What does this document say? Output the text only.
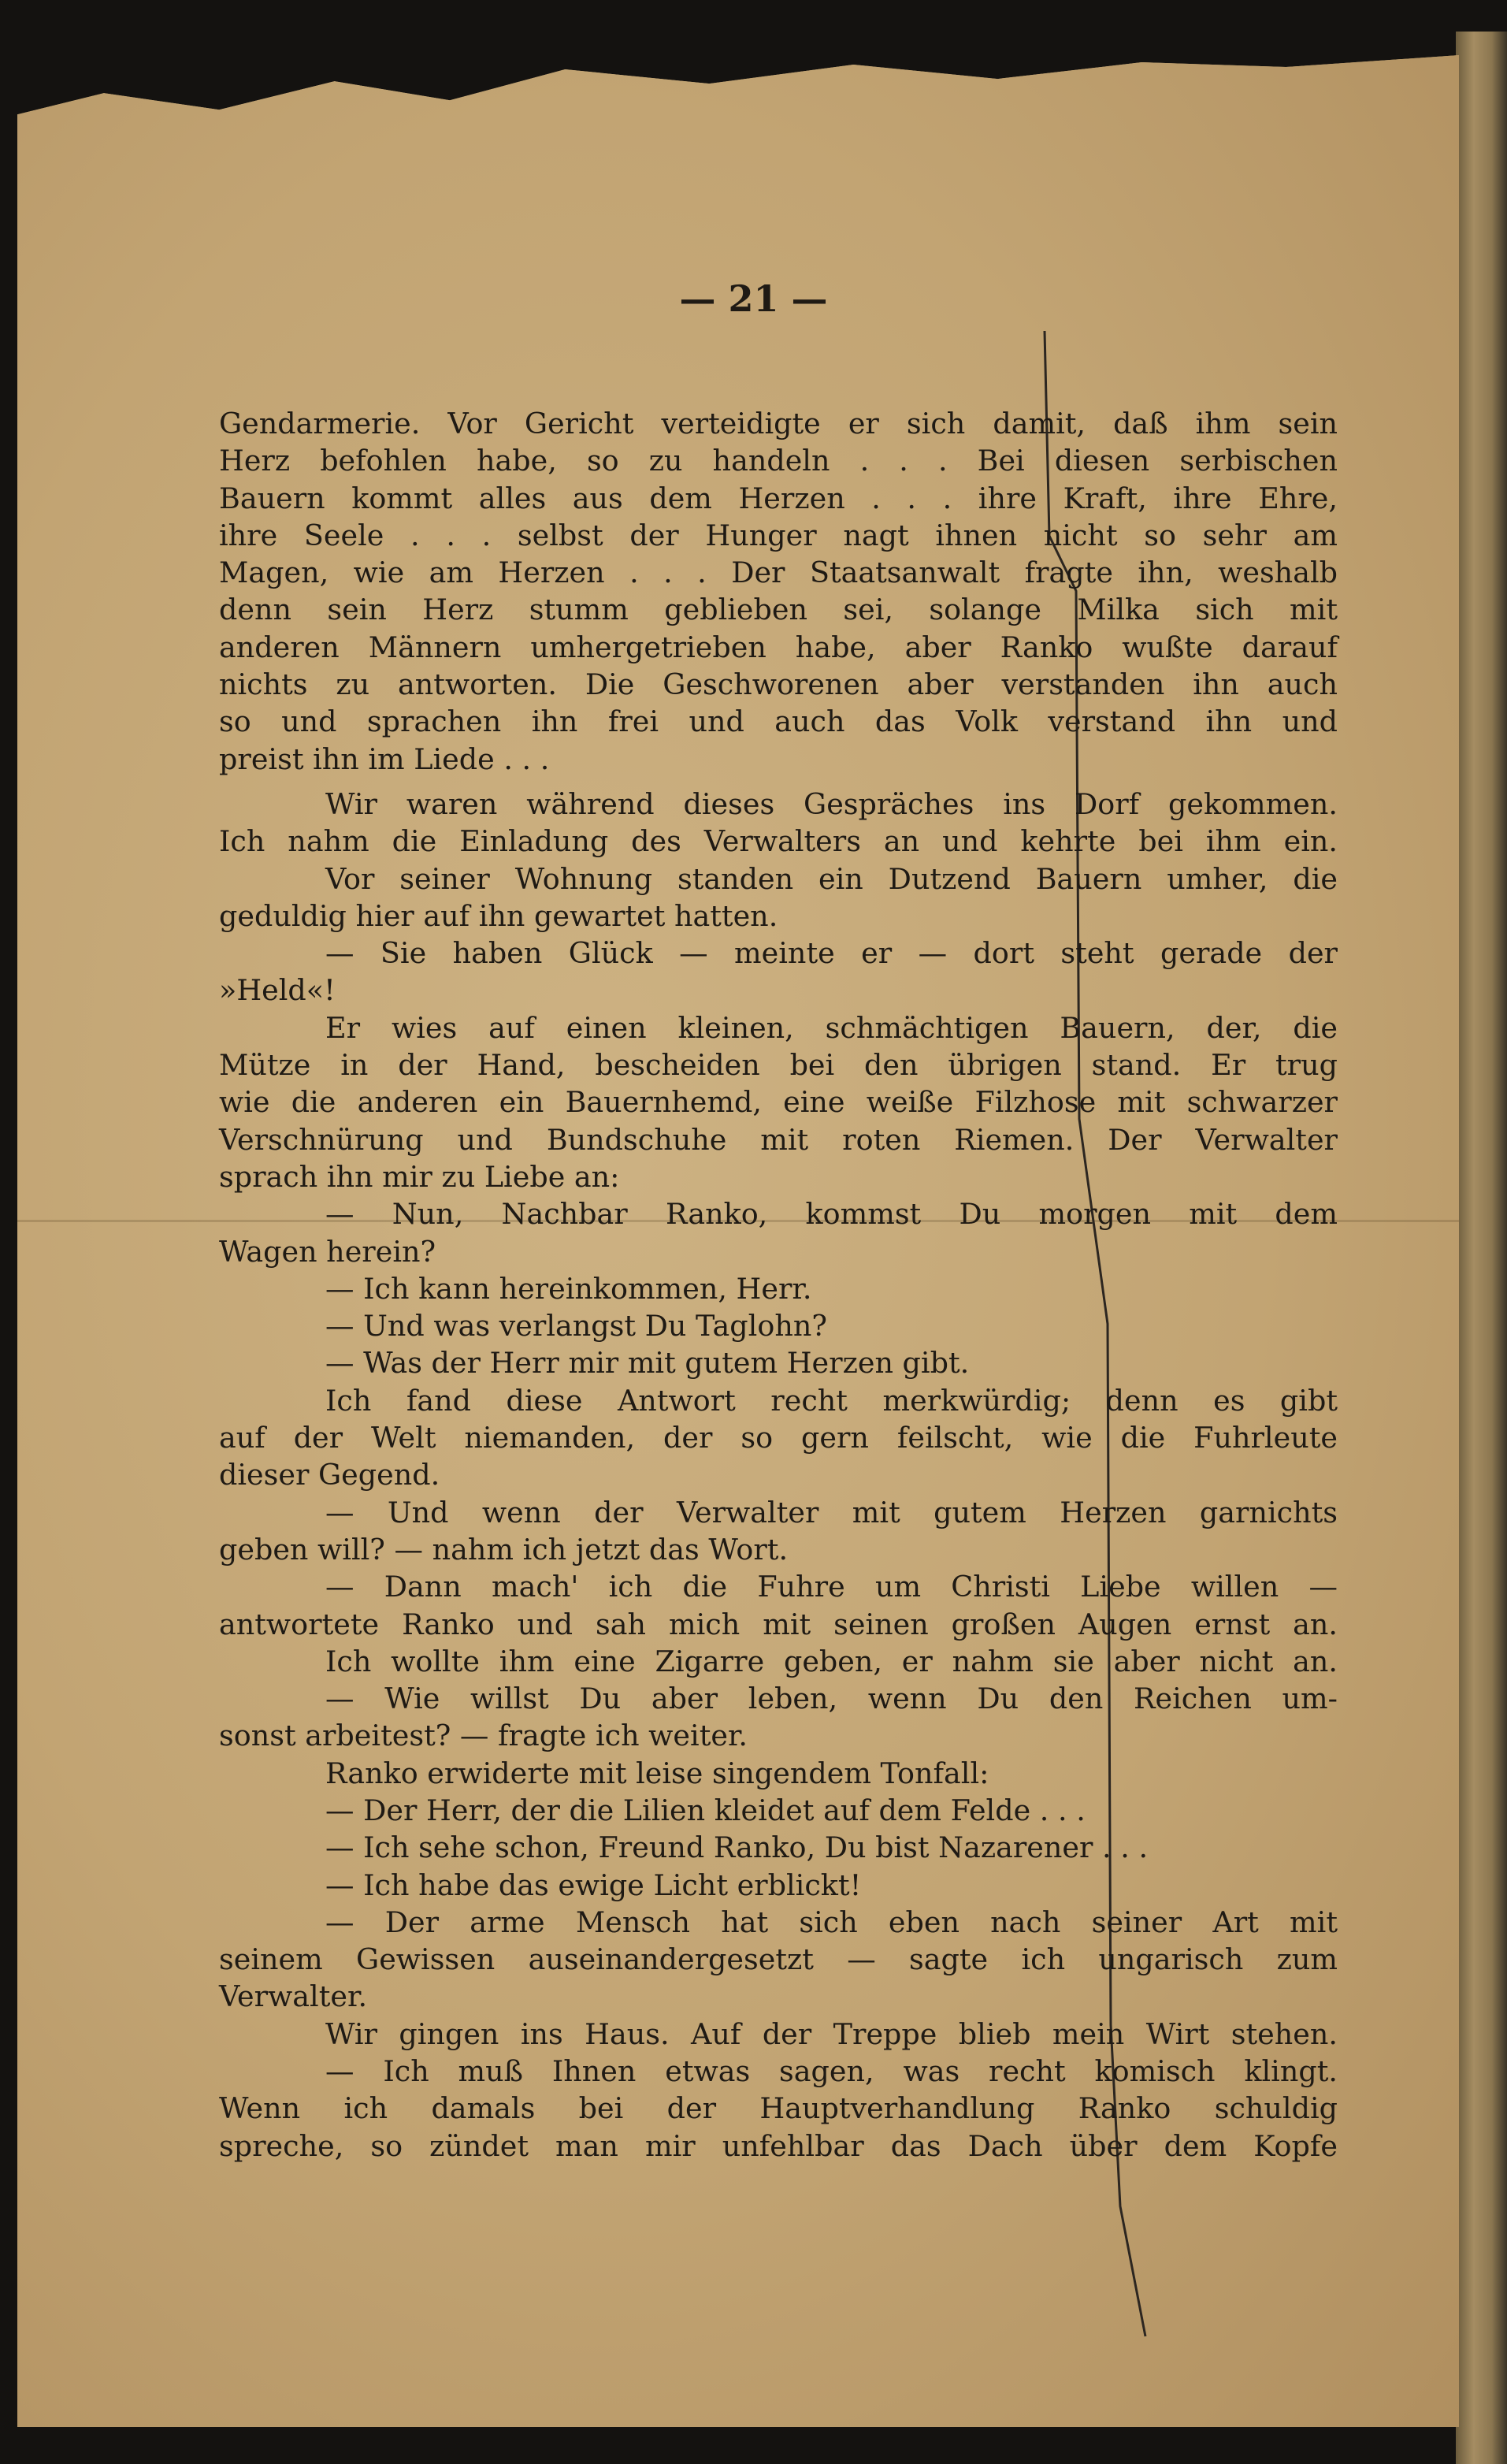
— 21 —

Gendarmerie. Vor Gericht verteidigte er sich damit, daß ihm sein

Herz befohlen habe, so zu handeln . . . Bei diesen serbischen

Bauern kommt alles aus dem Herzen . . . ihre Kraft, ihre Ehre,

ihre Seele . . . selbst der Hunger nagt ihnen nicht so sehr am

Magen, wie am Herzen . . . Der Staatsanwalt fragte ihn, weshalb

denn sein Herz stumm geblieben sei, solange Milka sich mit

anderen Männern umhergetrieben habe, aber Ranko wußte darauf

nichts zu antworten. Die Geschworenen aber verstanden ihn auch

so und sprachen ihn frei und auch das Volk verstand ihn und

preist ihn im Liede . . .

Wir waren während dieses Gespräches ins Dorf gekommen.

Ich nahm die Einladung des Verwalters an und kehrte bei ihm ein.

Vor seiner Wohnung standen ein Dutzend Bauern umher, die

geduldig hier auf ihn gewartet hatten.

— Sie haben Glück — meinte er — dort steht gerade der

»Held«!

Er wies auf einen kleinen, schmächtigen Bauern, der, die

Mütze in der Hand, bescheiden bei den übrigen stand. Er trug

wie die anderen ein Bauernhemd, eine weiße Filzhose mit schwarzer

Verschnürung und Bundschuhe mit roten Riemen. Der Verwalter

sprach ihn mir zu Liebe an:

— Nun, Nachbar Ranko, kommst Du morgen mit dem

Wagen herein?

— Ich kann hereinkommen, Herr.

— Und was verlangst Du Taglohn?

— Was der Herr mir mit gutem Herzen gibt.

Ich fand diese Antwort recht merkwürdig; denn es gibt

auf der Welt niemanden, der so gern feilscht, wie die Fuhrleute

dieser Gegend.

— Und wenn der Verwalter mit gutem Herzen garnichts

geben will? — nahm ich jetzt das Wort.

— Dann mach' ich die Fuhre um Christi Liebe willen —

antwortete Ranko und sah mich mit seinen großen Augen ernst an.

Ich wollte ihm eine Zigarre geben, er nahm sie aber nicht an.

— Wie willst Du aber leben, wenn Du den Reichen um-

sonst arbeitest? — fragte ich weiter.

Ranko erwiderte mit leise singendem Tonfall:

— Der Herr, der die Lilien kleidet auf dem Felde . . .

— Ich sehe schon, Freund Ranko, Du bist Nazarener . . .

— Ich habe das ewige Licht erblickt!

— Der arme Mensch hat sich eben nach seiner Art mit

seinem Gewissen auseinandergesetzt — sagte ich ungarisch zum

Verwalter.

Wir gingen ins Haus. Auf der Treppe blieb mein Wirt stehen.

— Ich muß Ihnen etwas sagen, was recht komisch klingt.

Wenn ich damals bei der Hauptverhandlung Ranko schuldig

spreche, so zündet man mir unfehlbar das Dach über dem Kopfe
